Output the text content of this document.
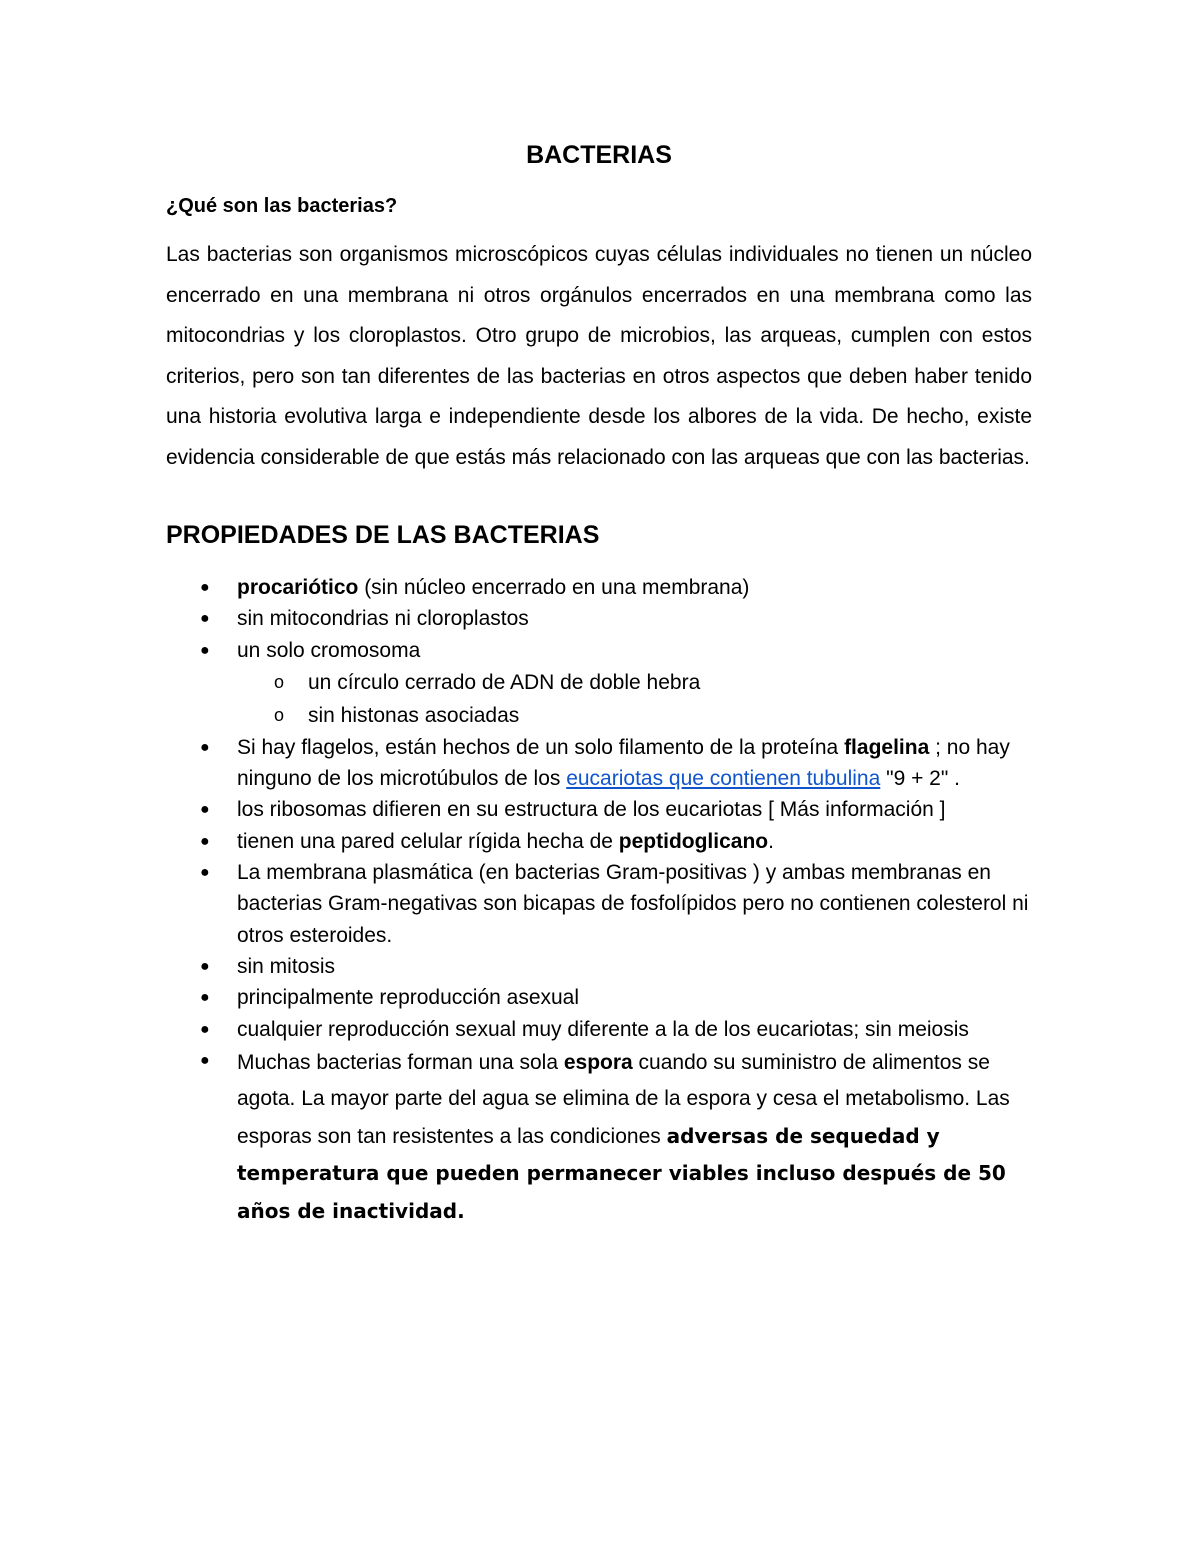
BACTERIAS
¿Qué son las bacterias?

Las bacterias son organismos microscópicos cuyas células individuales no tienen un núcleo encerrado en una membrana ni otros orgánulos encerrados en una membrana como las mitocondrias y los cloroplastos. Otro grupo de microbios, las arqueas, cumplen con estos criterios, pero son tan diferentes de las bacterias en otros aspectos que deben haber tenido una historia evolutiva larga e independiente desde los albores de la vida. De hecho, existe evidencia considerable de que estás más relacionado con las arqueas que con las bacterias.

PROPIEDADES DE LAS BACTERIAS
● procariótico (sin núcleo encerrado en una membrana)
● sin mitocondrias ni cloroplastos
● un solo cromosoma
o un círculo cerrado de ADN de doble hebra
o sin histonas asociadas
● Si hay flagelos, están hechos de un solo filamento de la proteína flagelina ; no hay ninguno de los microtúbulos de los eucariotas que contienen tubulina "9 + 2" .
● los ribosomas difieren en su estructura de los eucariotas [ Más información ]
● tienen una pared celular rígida hecha de peptidoglicano.
● La membrana plasmática (en bacterias Gram-positivas ) y ambas membranas en bacterias Gram-negativas son bicapas de fosfolípidos pero no contienen colesterol ni otros esteroides.
● sin mitosis
● principalmente reproducción asexual
● cualquier reproducción sexual muy diferente a la de los eucariotas; sin meiosis
● Muchas bacterias forman una sola espora cuando su suministro de alimentos se agota. La mayor parte del agua se elimina de la espora y cesa el metabolismo. Las esporas son tan resistentes a las condiciones adversas de sequedad y temperatura que pueden permanecer viables incluso después de 50 años de inactividad.
